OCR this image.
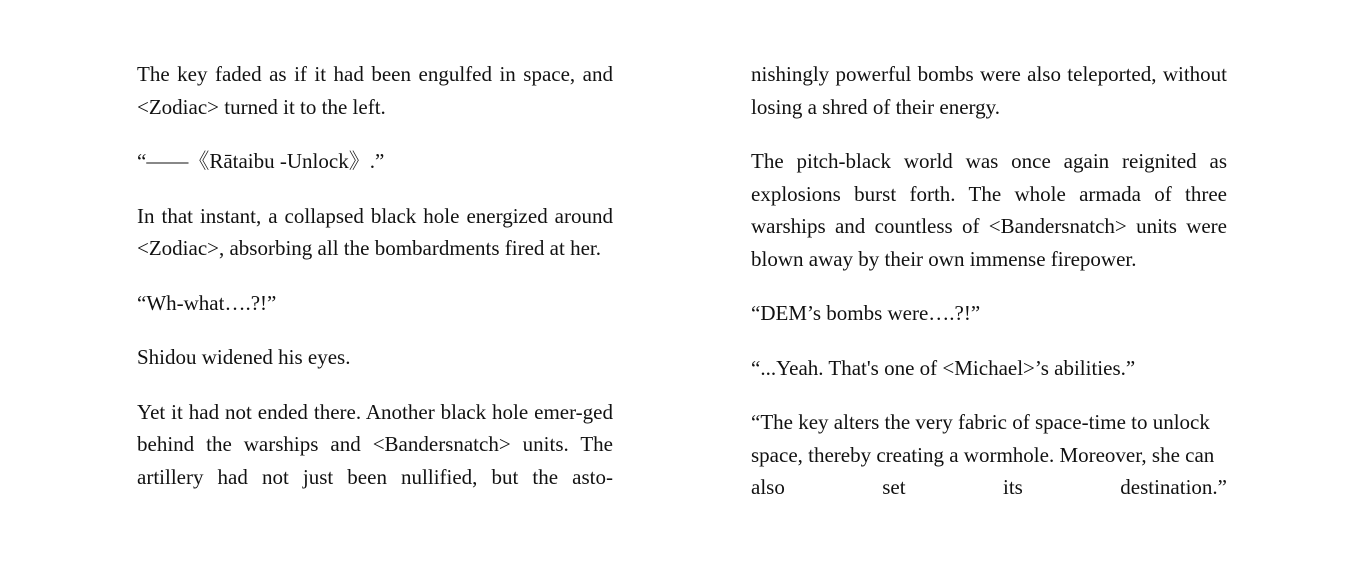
The key faded as if it had been engulfed in space, and <Zodiac> turned it to the left.

“——《Rātaibu -Unlock》.”

In that instant, a collapsed black hole energized around <Zodiac>, absorbing all the bombardments fired at her.

“Wh-what….?!”

Shidou widened his eyes.

Yet it had not ended there. Another black hole emer-ged behind the warships and <Bandersnatch> units. The artillery had not just been nullified, but the asto-

nishingly powerful bombs were also teleported, without losing a shred of their energy.

The pitch-black world was once again reignited as explosions burst forth. The whole armada of three warships and countless of <Bandersnatch> units were blown away by their own immense firepower.

“DEM’s bombs were….?!”

“...Yeah. That's one of <Michael>’s abilities.”

“The key alters the very fabric of space-time to unlock space, thereby creating a wormhole. Moreover, she can also set its destination.”
